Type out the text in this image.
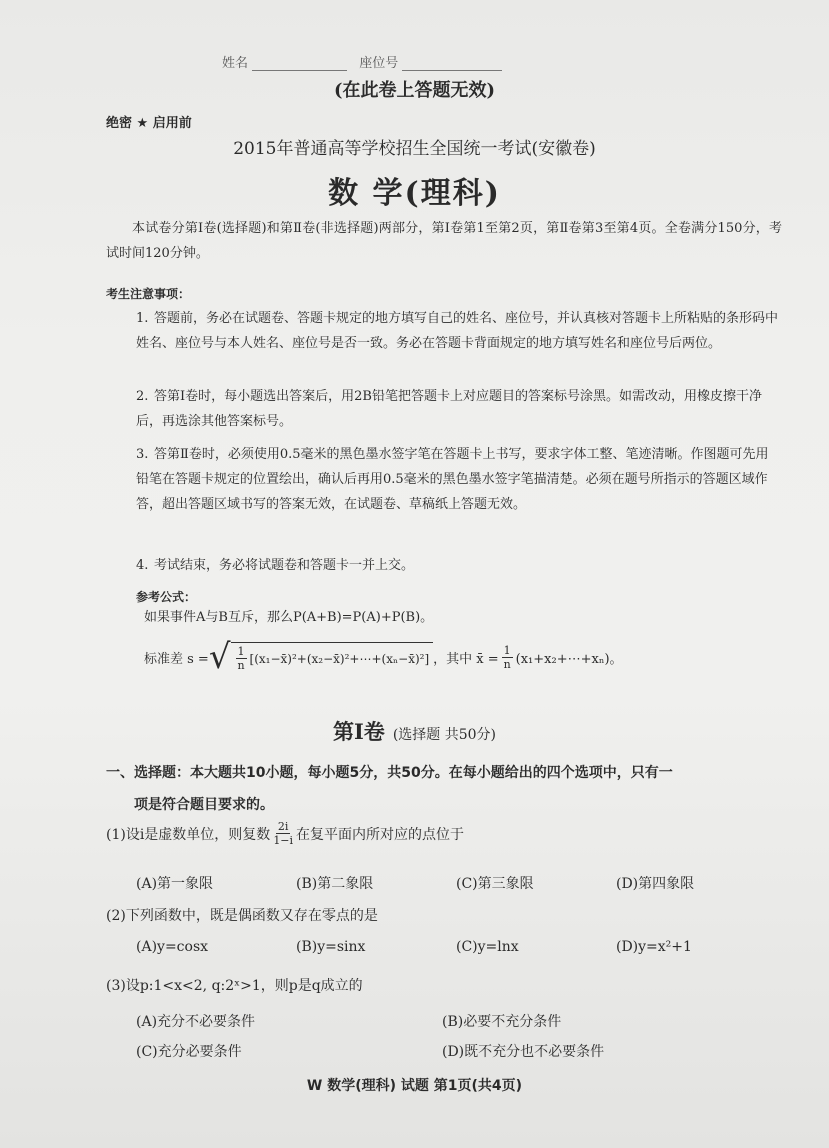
姓名	座位号
(在此卷上答题无效)
绝密 ★ 启用前
2015年普通高等学校招生全国统一考试(安徽卷)
数 学(理科)
本试卷分第Ⅰ卷(选择题)和第Ⅱ卷(非选择题)两部分，第Ⅰ卷第1至第2页，第Ⅱ卷第3至第4页。全卷满分150分，考试时间120分钟。
考生注意事项：
1. 答题前，务必在试题卷、答题卡规定的地方填写自己的姓名、座位号，并认真核对答题卡上所粘贴的条形码中姓名、座位号与本人姓名、座位号是否一致。务必在答题卡背面规定的地方填写姓名和座位号后两位。
2. 答第Ⅰ卷时，每小题选出答案后，用2B铅笔把答题卡上对应题目的答案标号涂黑。如需改动，用橡皮擦干净后，再选涂其他答案标号。
3. 答第Ⅱ卷时，必须使用0.5毫米的黑色墨水签字笔在答题卡上书写，要求字体工整、笔迹清晰。作图题可先用铅笔在答题卡规定的位置绘出，确认后再用0.5毫米的黑色墨水签字笔描清楚。必须在题号所指示的答题区域作答，超出答题区域书写的答案无效，在试题卷、草稿纸上答题无效。
4. 考试结束，务必将试题卷和答题卡一并上交。
参考公式：
如果事件A与B互斥，那么P(A+B)=P(A)+P(B)。
标准差 s = √ $\frac{1}{n}$ [(x₁−x̄)²+(x₂−x̄)²+⋯+(xₙ−x̄)²] ，其中 x̄ = $\frac{1}{n}$ (x₁+x₂+⋯+xₙ)。
第Ⅰ卷 (选择题 共50分)
一、选择题：本大题共10小题，每小题5分，共50分。在每小题给出的四个选项中，只有一
项是符合题目要求的。
(1)设i是虚数单位，则复数 $\frac{2i}{1-i}$ 在复平面内所对应的点位于
(A)第一象限	(B)第二象限	(C)第三象限	(D)第四象限
(2)下列函数中，既是偶函数又存在零点的是
(A)y=cosx	(B)y=sinx	(C)y=lnx	(D)y=x²+1
(3)设p:1<x<2, q:2ˣ>1，则p是q成立的
(A)充分不必要条件	(B)必要不充分条件
(C)充分必要条件	(D)既不充分也不必要条件
W 数学(理科) 试题 第1页(共4页)
